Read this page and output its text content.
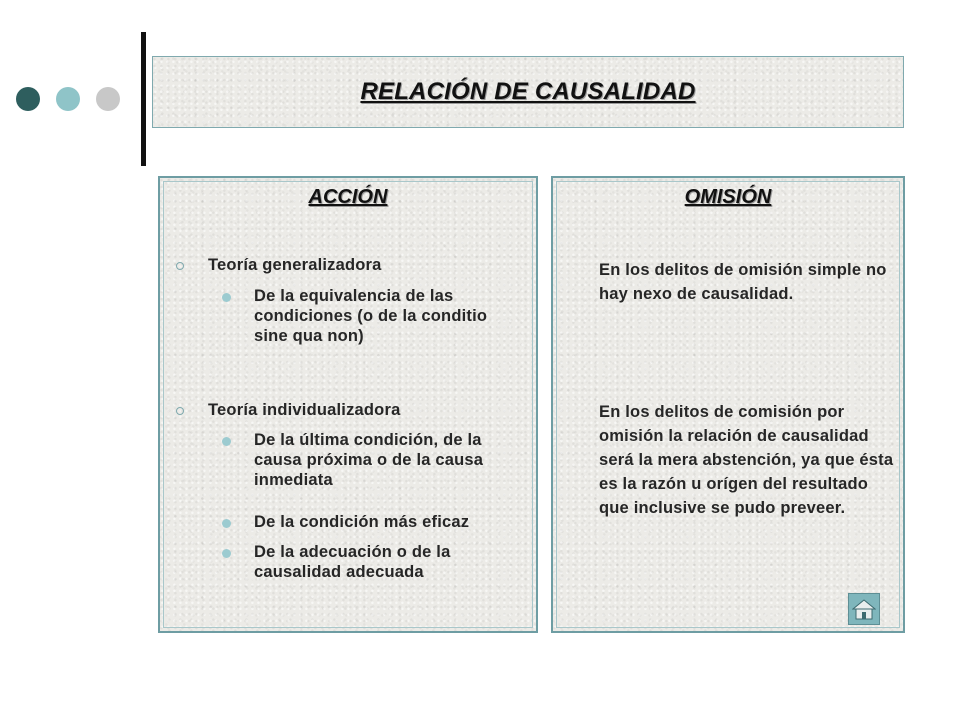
RELACIÓN DE CAUSALIDAD
ACCIÓN
Teoría generalizadora
De la equivalencia de las condiciones (o de la conditio sine qua non)
Teoría individualizadora
De la última condición, de la causa próxima o de la causa inmediata
De la condición más eficaz
De la adecuación o de la causalidad adecuada
OMISIÓN
En los delitos de omisión simple no hay nexo de causalidad.
En los delitos de comisión por omisión la relación de causalidad será la mera abstención, ya que ésta es la razón u orígen del resultado que inclusive se pudo preveer.
